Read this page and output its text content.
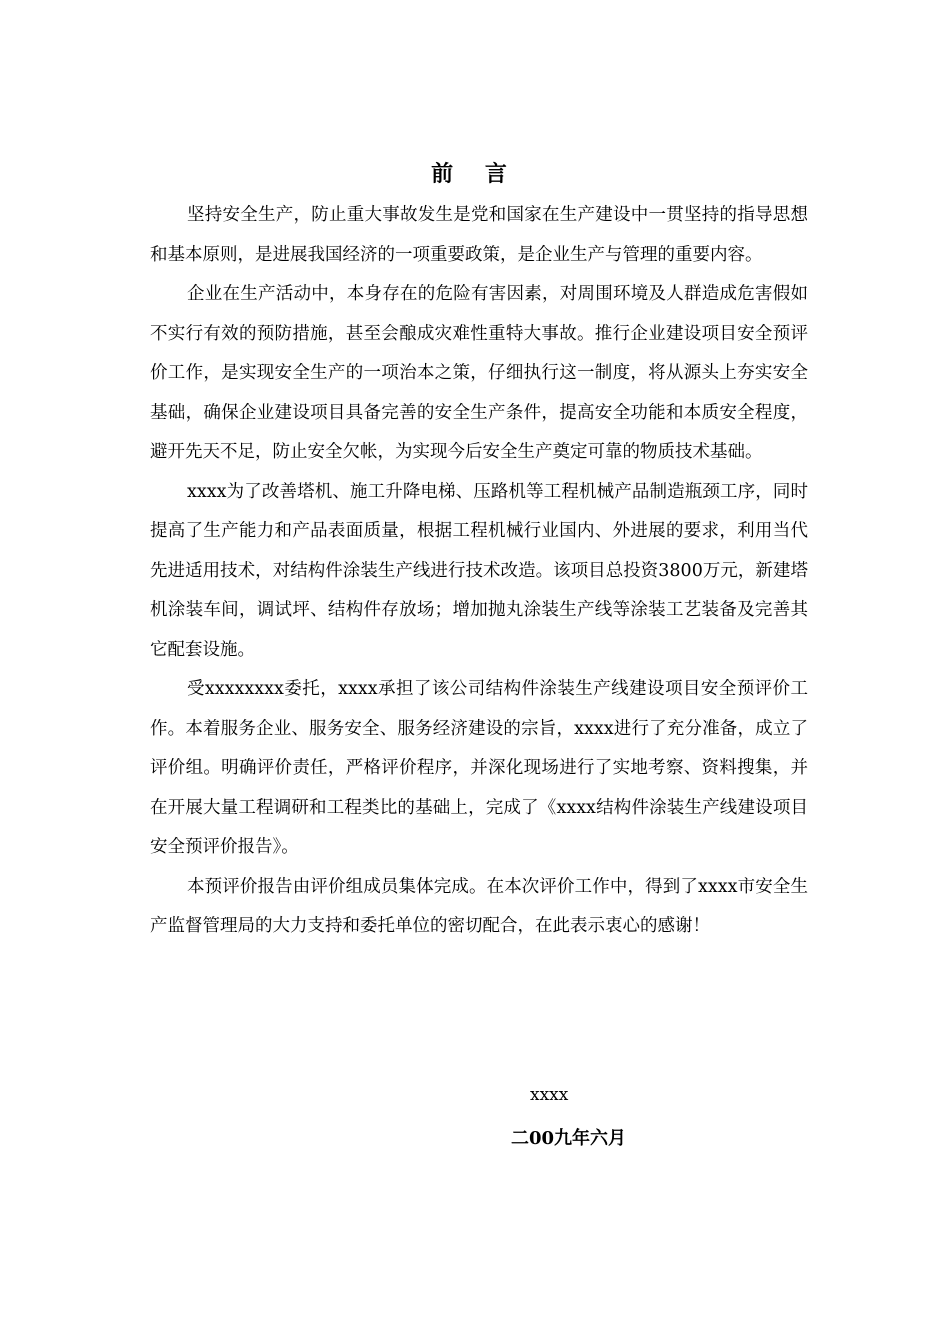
前 言

坚持安全生产，防止重大事故发生是党和国家在生产建设中一贯坚持的指导思想和基本原则，是进展我国经济的一项重要政策，是企业生产与管理的重要内容。

企业在生产活动中，本身存在的危险有害因素，对周围环境及人群造成危害假如不实行有效的预防措施，甚至会酿成灾难性重特大事故。推行企业建设项目安全预评价工作，是实现安全生产的一项治本之策，仔细执行这一制度，将从源头上夯实安全基础，确保企业建设项目具备完善的安全生产条件，提高安全功能和本质安全程度，避开先天不足，防止安全欠帐，为实现今后安全生产奠定可靠的物质技术基础。

xxxx为了改善塔机、施工升降电梯、压路机等工程机械产品制造瓶颈工序，同时提高了生产能力和产品表面质量，根据工程机械行业国内、外进展的要求，利用当代先进适用技术，对结构件涂装生产线进行技术改造。该项目总投资3800万元，新建塔机涂装车间，调试坪、结构件存放场；增加抛丸涂装生产线等涂装工艺装备及完善其它配套设施。

受xxxxxxxx委托，xxxx承担了该公司结构件涂装生产线建设项目安全预评价工作。本着服务企业、服务安全、服务经济建设的宗旨，xxxx进行了充分准备，成立了评价组。明确评价责任，严格评价程序，并深化现场进行了实地考察、资料搜集，并在开展大量工程调研和工程类比的基础上，完成了《xxxx结构件涂装生产线建设项目安全预评价报告》。

本预评价报告由评价组成员集体完成。在本次评价工作中，得到了xxxx市安全生产监督管理局的大力支持和委托单位的密切配合，在此表示衷心的感谢！

xxxx
二00九年六月
